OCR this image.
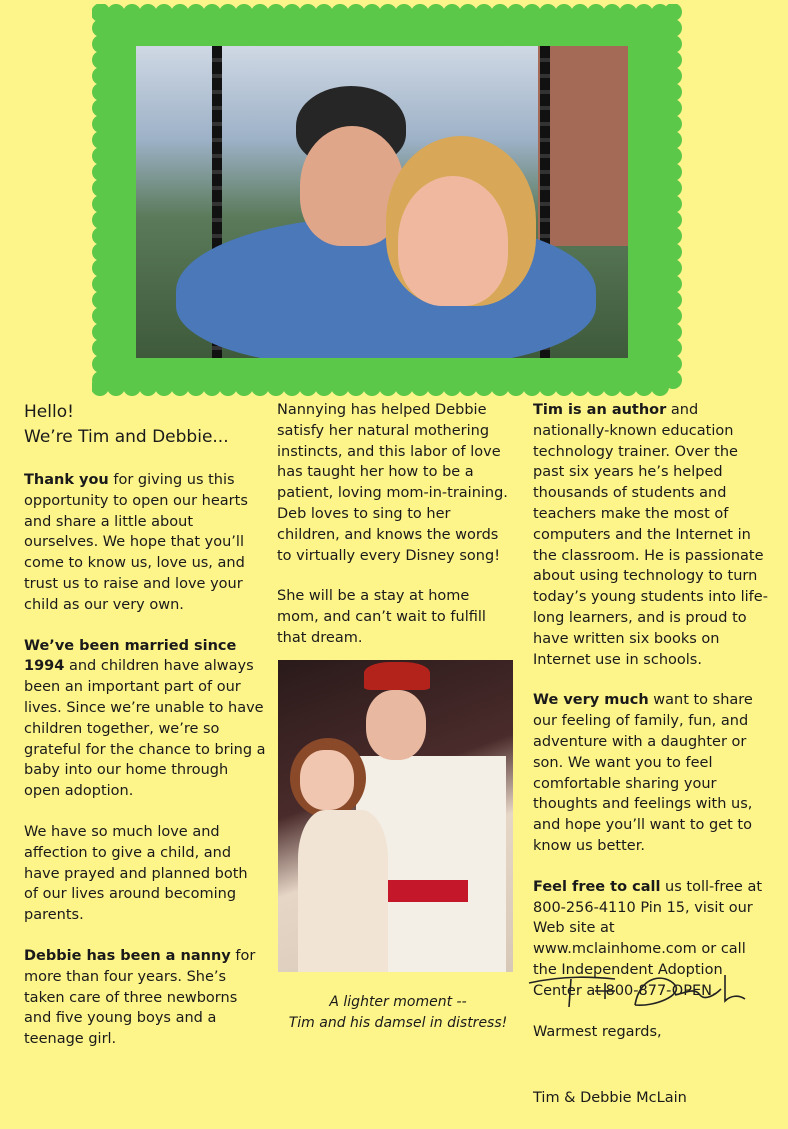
Hello!
We’re Tim and Debbie...

Thank you for giving us this opportunity to open our hearts and share a little about ourselves. We hope that you’ll come to know us, love us, and trust us to raise and love your child as our very own.

We’ve been married since 1994 and children have always been an important part of our lives. Since we’re unable to have children together, we’re so grateful for the chance to bring a baby into our home through open adoption.

We have so much love and affection to give a child, and have prayed and planned both of our lives around becoming parents.

Debbie has been a nanny for more than four years. She’s taken care of three newborns and five young boys and a teenage girl.

Nannying has helped Debbie satisfy her natural mothering instincts, and this labor of love has taught her how to be a patient, loving mom-in-training. Deb loves to sing to her children, and knows the words to virtually every Disney song!

She will be a stay at home mom, and can’t wait to fulfill that dream.

A lighter moment --
Tim and his damsel in distress!

Tim is an author and nationally-known education technology trainer. Over the past six years he’s helped thousands of students and teachers make the most of computers and the Internet in the classroom. He is passionate about using technology to turn today’s young students into life-long learners, and is proud to have written six books on Internet use in schools.

We very much want to share our feeling of family, fun, and adventure with a daughter or son. We want you to feel comfortable sharing your thoughts and feelings with us, and hope you’ll want to get to know us better.

Feel free to call us toll-free at 800-256-4110 Pin 15, visit our Web site at www.mclainhome.com or call the Independent Adoption Center at 800-877-OPEN.

Warmest regards,

Tim & Debbie McLain
